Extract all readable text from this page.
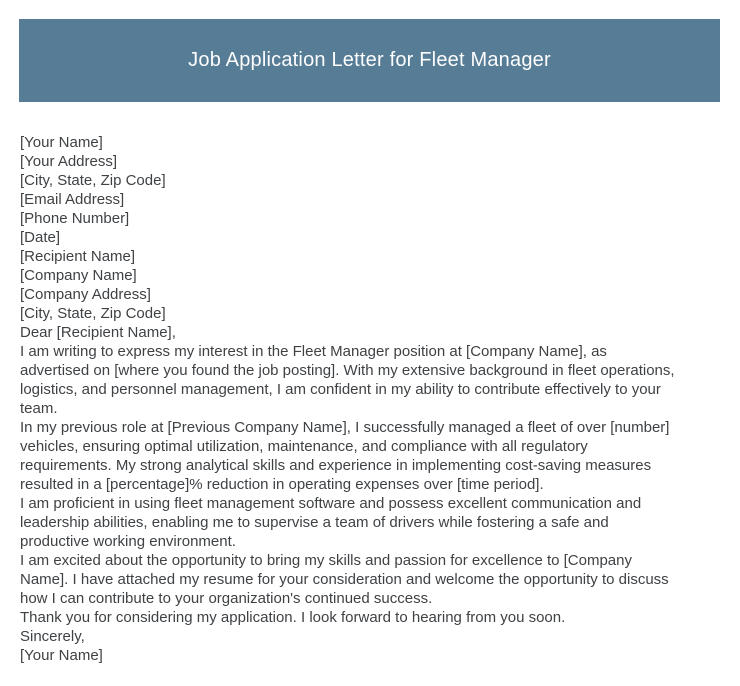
Job Application Letter for Fleet Manager
[Your Name]
[Your Address]
[City, State, Zip Code]
[Email Address]
[Phone Number]
[Date]
[Recipient Name]
[Company Name]
[Company Address]
[City, State, Zip Code]
Dear [Recipient Name],
I am writing to express my interest in the Fleet Manager position at [Company Name], as
advertised on [where you found the job posting]. With my extensive background in fleet operations,
logistics, and personnel management, I am confident in my ability to contribute effectively to your
team.
In my previous role at [Previous Company Name], I successfully managed a fleet of over [number]
vehicles, ensuring optimal utilization, maintenance, and compliance with all regulatory
requirements. My strong analytical skills and experience in implementing cost-saving measures
resulted in a [percentage]% reduction in operating expenses over [time period].
I am proficient in using fleet management software and possess excellent communication and
leadership abilities, enabling me to supervise a team of drivers while fostering a safe and
productive working environment.
I am excited about the opportunity to bring my skills and passion for excellence to [Company
Name]. I have attached my resume for your consideration and welcome the opportunity to discuss
how I can contribute to your organization's continued success.
Thank you for considering my application. I look forward to hearing from you soon.
Sincerely,
[Your Name]
